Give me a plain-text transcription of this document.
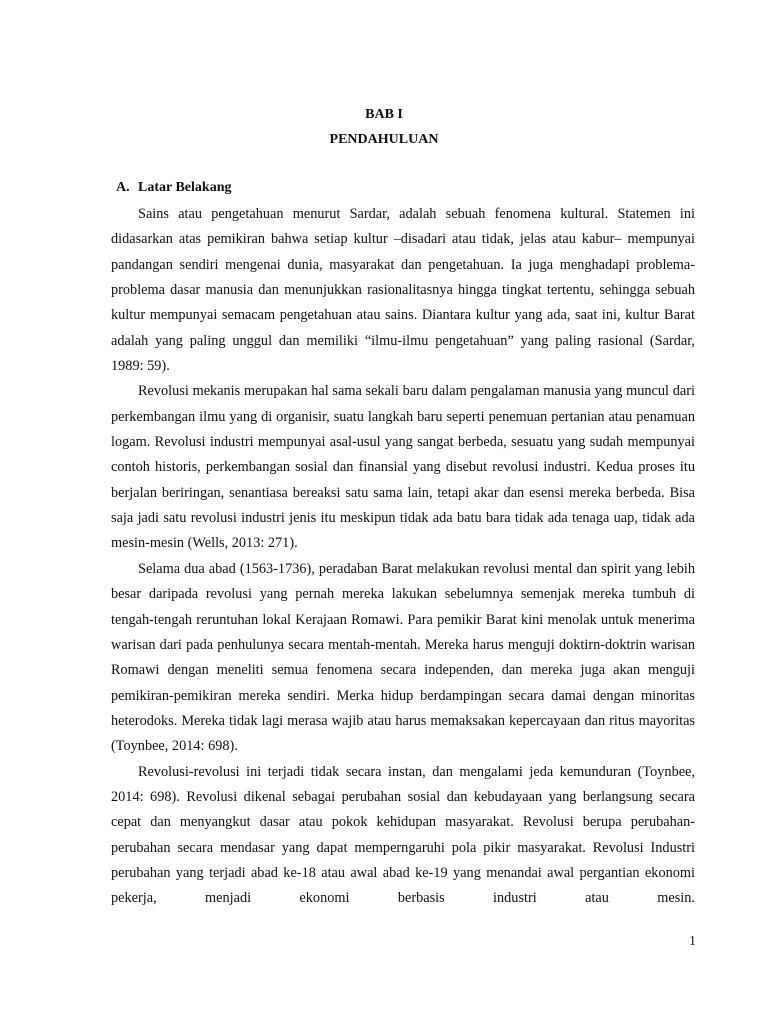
BAB I
PENDAHULUAN
A. Latar Belakang

Sains atau pengetahuan menurut Sardar, adalah sebuah fenomena kultural. Statemen ini didasarkan atas pemikiran bahwa setiap kultur –disadari atau tidak, jelas atau kabur– mempunyai pandangan sendiri mengenai dunia, masyarakat dan pengetahuan. Ia juga menghadapi problema-problema dasar manusia dan menunjukkan rasionalitasnya hingga tingkat tertentu, sehingga sebuah kultur mempunyai semacam pengetahuan atau sains. Diantara kultur yang ada, saat ini, kultur Barat adalah yang paling unggul dan memiliki “ilmu-ilmu pengetahuan” yang paling rasional (Sardar, 1989: 59).

Revolusi mekanis merupakan hal sama sekali baru dalam pengalaman manusia yang muncul dari perkembangan ilmu yang di organisir, suatu langkah baru seperti penemuan pertanian atau penamuan logam. Revolusi industri mempunyai asal-usul yang sangat berbeda, sesuatu yang sudah mempunyai contoh historis, perkembangan sosial dan finansial yang disebut revolusi industri. Kedua proses itu berjalan beriringan, senantiasa bereaksi satu sama lain, tetapi akar dan esensi mereka berbeda. Bisa saja jadi satu revolusi industri jenis itu meskipun tidak ada batu bara tidak ada tenaga uap, tidak ada mesin-mesin (Wells, 2013: 271).

Selama dua abad (1563-1736), peradaban Barat melakukan revolusi mental dan spirit yang lebih besar daripada revolusi yang pernah mereka lakukan sebelumnya semenjak mereka tumbuh di tengah-tengah reruntuhan lokal Kerajaan Romawi. Para pemikir Barat kini menolak untuk menerima warisan dari pada penhulunya secara mentah-mentah. Mereka harus menguji doktirn-doktrin warisan Romawi dengan meneliti semua fenomena secara independen, dan mereka juga akan menguji pemikiran-pemikiran mereka sendiri. Merka hidup berdampingan secara damai dengan minoritas heterodoks. Mereka tidak lagi merasa wajib atau harus memaksakan kepercayaan dan ritus mayoritas (Toynbee, 2014: 698).

Revolusi-revolusi ini terjadi tidak secara instan, dan mengalami jeda kemunduran (Toynbee, 2014: 698). Revolusi dikenal sebagai perubahan sosial dan kebudayaan yang berlangsung secara cepat dan menyangkut dasar atau pokok kehidupan masyarakat. Revolusi berupa perubahan-perubahan secara mendasar yang dapat memperngaruhi pola pikir masyarakat. Revolusi Industri perubahan yang terjadi abad ke-18 atau awal abad ke-19 yang menandai awal pergantian ekonomi pekerja, menjadi ekonomi berbasis industri atau mesin.

1
